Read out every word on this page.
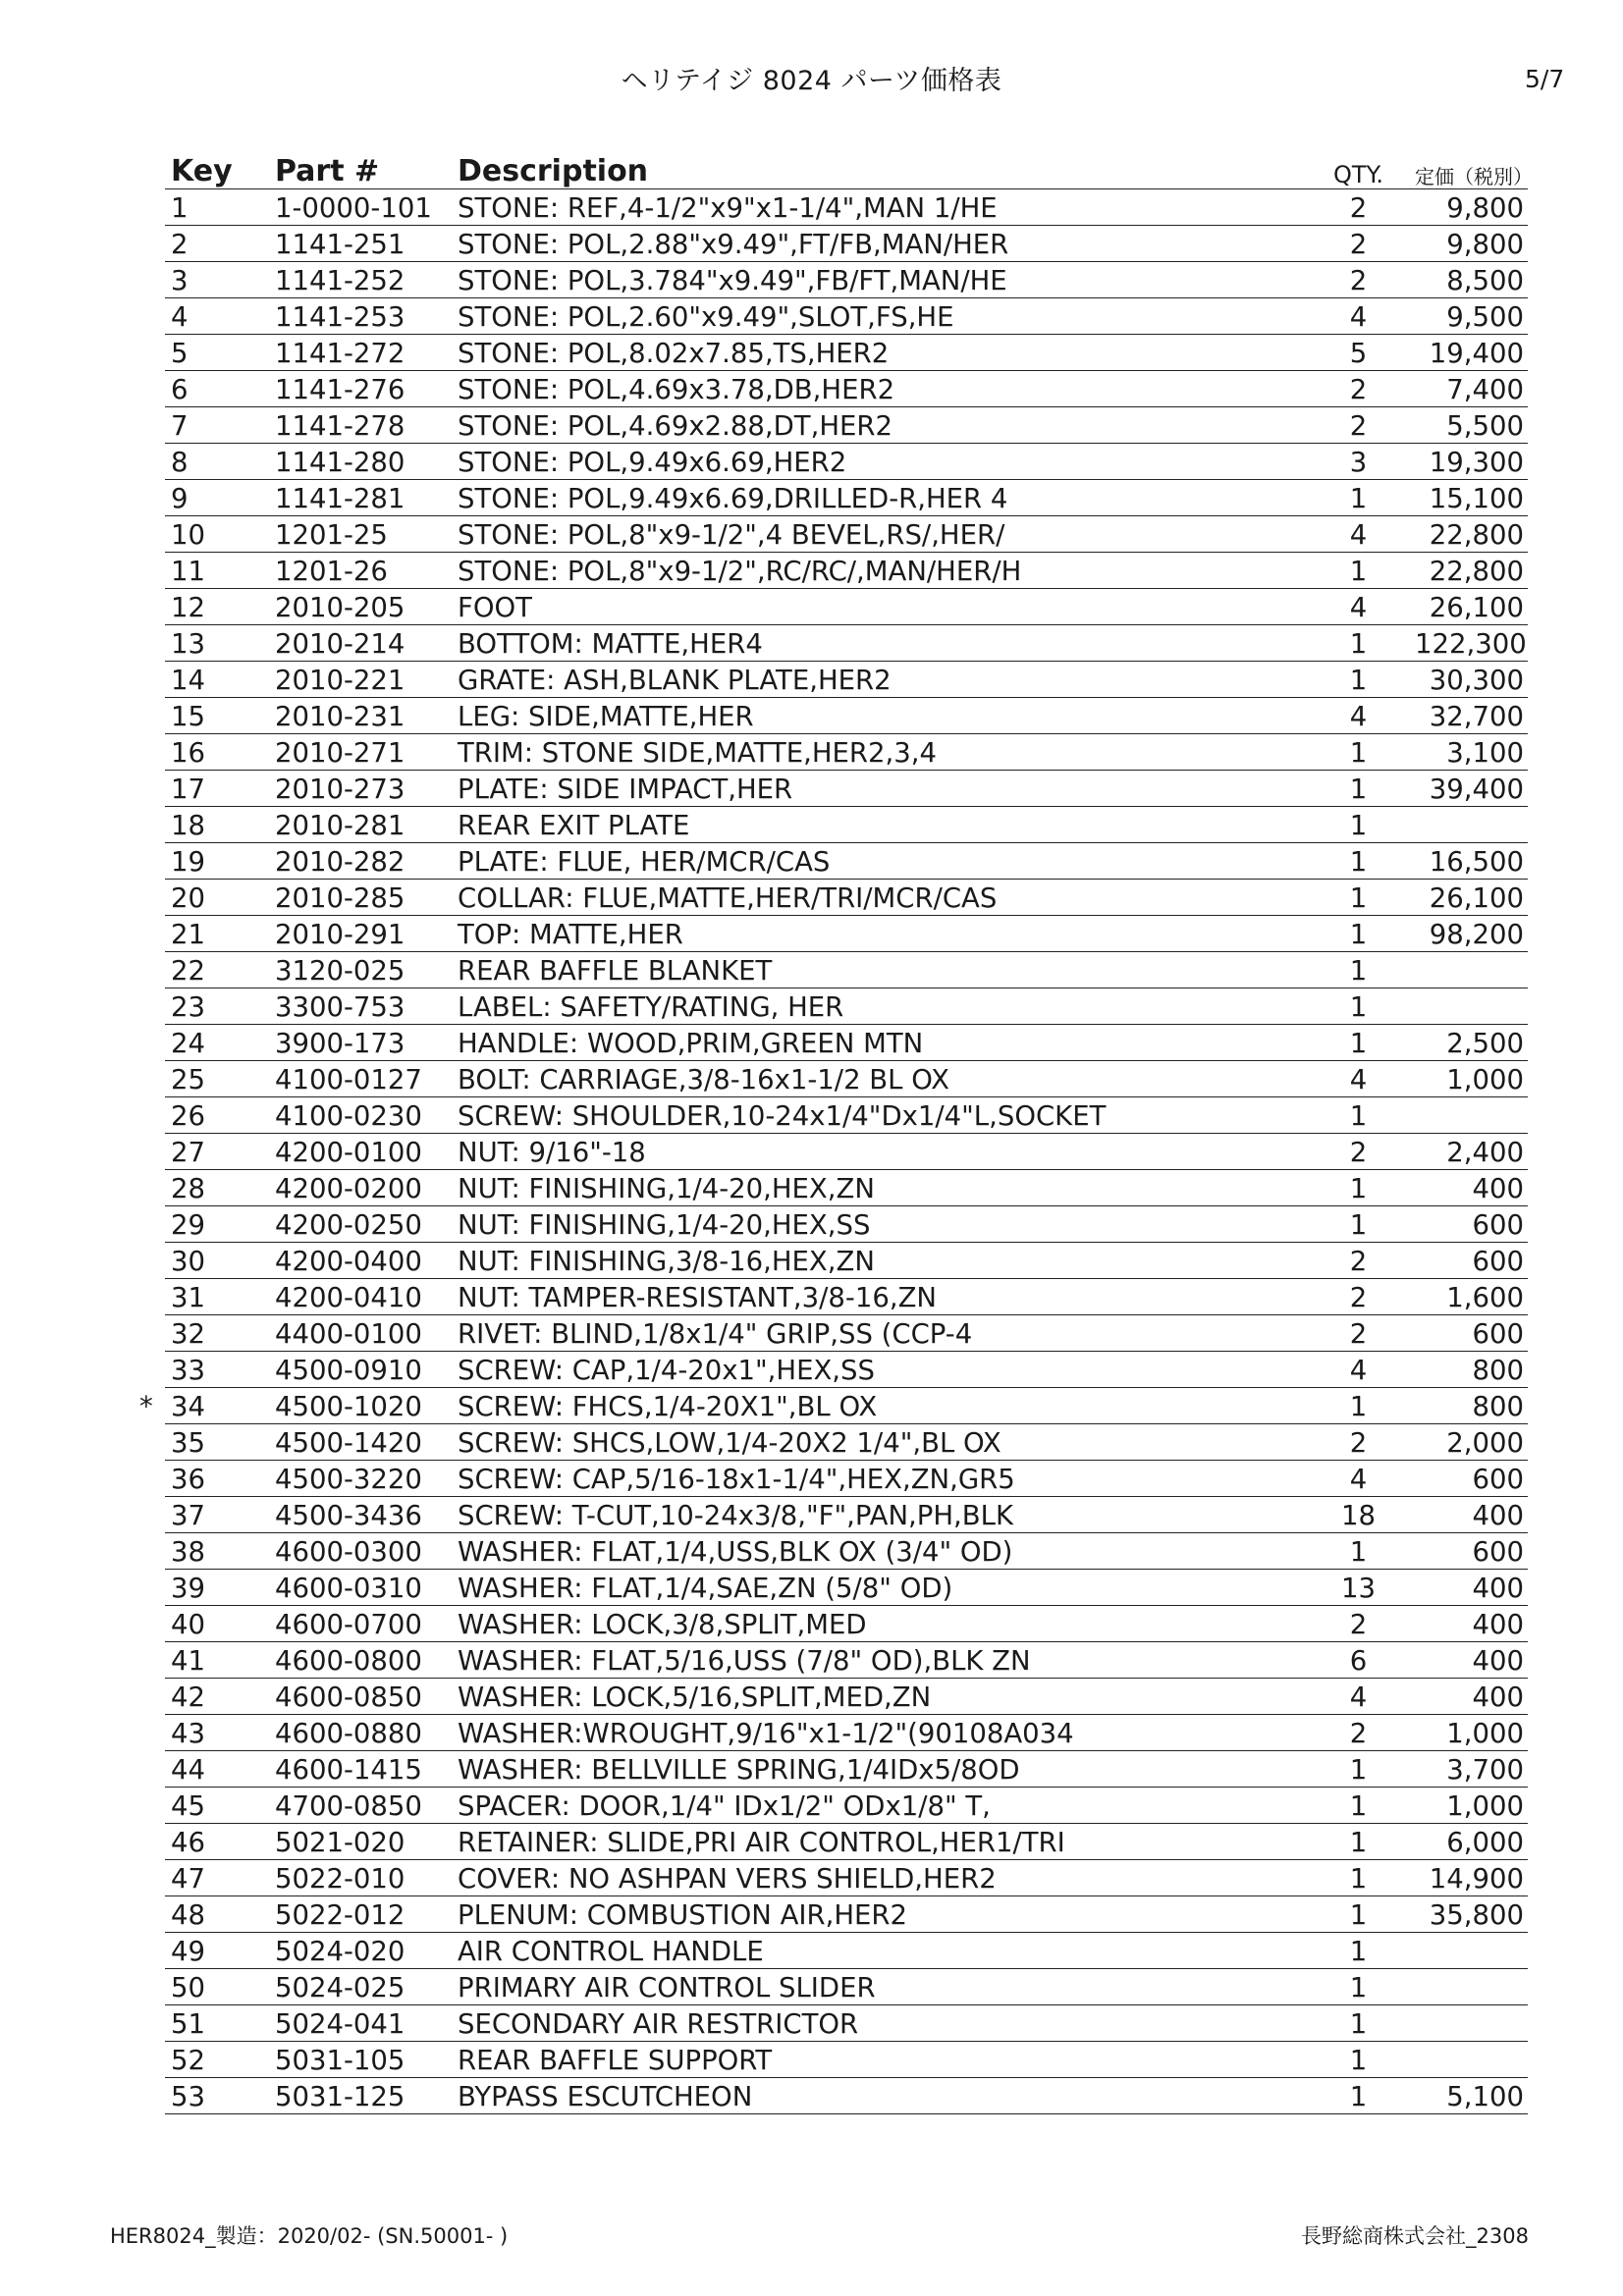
ヘリテイジ 8024 パーツ価格表	5/7
Key	Part #	Description	QTY.	定価（税別）

1	1-0000-101	STONE: REF,4-1/2"x9"x1-1/4",MAN 1/HE	2	9,800

2	1141-251	STONE: POL,2.88"x9.49",FT/FB,MAN/HER	2	9,800

3	1141-252	STONE: POL,3.784"x9.49",FB/FT,MAN/HE	2	8,500

4	1141-253	STONE: POL,2.60"x9.49",SLOT,FS,HE	4	9,500

5	1141-272	STONE: POL,8.02x7.85,TS,HER2	5	19,400

6	1141-276	STONE: POL,4.69x3.78,DB,HER2	2	7,400

7	1141-278	STONE: POL,4.69x2.88,DT,HER2	2	5,500

8	1141-280	STONE: POL,9.49x6.69,HER2	3	19,300

9	1141-281	STONE: POL,9.49x6.69,DRILLED-R,HER 4	1	15,100

10	1201-25	STONE: POL,8"x9-1/2",4 BEVEL,RS/,HER/	4	22,800

11	1201-26	STONE: POL,8"x9-1/2",RC/RC/,MAN/HER/H	1	22,800

12	2010-205	FOOT	4	26,100

13	2010-214	BOTTOM: MATTE,HER4	1	122,300

14	2010-221	GRATE: ASH,BLANK PLATE,HER2	1	30,300

15	2010-231	LEG: SIDE,MATTE,HER	4	32,700

16	2010-271	TRIM: STONE SIDE,MATTE,HER2,3,4	1	3,100

17	2010-273	PLATE: SIDE IMPACT,HER	1	39,400

18	2010-281	REAR EXIT PLATE	1	

19	2010-282	PLATE: FLUE, HER/MCR/CAS	1	16,500

20	2010-285	COLLAR: FLUE,MATTE,HER/TRI/MCR/CAS	1	26,100

21	2010-291	TOP: MATTE,HER	1	98,200

22	3120-025	REAR BAFFLE BLANKET	1	

23	3300-753	LABEL: SAFETY/RATING, HER	1	

24	3900-173	HANDLE: WOOD,PRIM,GREEN MTN	1	2,500

25	4100-0127	BOLT: CARRIAGE,3/8-16x1-1/2 BL OX	4	1,000

26	4100-0230	SCREW: SHOULDER,10-24x1/4"Dx1/4"L,SOCKET	1	

27	4200-0100	NUT: 9/16"-18	2	2,400

28	4200-0200	NUT: FINISHING,1/4-20,HEX,ZN	1	400

29	4200-0250	NUT: FINISHING,1/4-20,HEX,SS	1	600

30	4200-0400	NUT: FINISHING,3/8-16,HEX,ZN	2	600

31	4200-0410	NUT: TAMPER-RESISTANT,3/8-16,ZN	2	1,600

32	4400-0100	RIVET: BLIND,1/8x1/4" GRIP,SS (CCP-4	2	600

33	4500-0910	SCREW: CAP,1/4-20x1",HEX,SS	4	800

* 34	4500-1020	SCREW: FHCS,1/4-20X1",BL OX	1	800

35	4500-1420	SCREW: SHCS,LOW,1/4-20X2 1/4",BL OX	2	2,000

36	4500-3220	SCREW: CAP,5/16-18x1-1/4",HEX,ZN,GR5	4	600

37	4500-3436	SCREW: T-CUT,10-24x3/8,"F",PAN,PH,BLK	18	400

38	4600-0300	WASHER: FLAT,1/4,USS,BLK OX (3/4" OD)	1	600

39	4600-0310	WASHER: FLAT,1/4,SAE,ZN (5/8" OD)	13	400

40	4600-0700	WASHER: LOCK,3/8,SPLIT,MED	2	400

41	4600-0800	WASHER: FLAT,5/16,USS (7/8" OD),BLK ZN	6	400

42	4600-0850	WASHER: LOCK,5/16,SPLIT,MED,ZN	4	400

43	4600-0880	WASHER:WROUGHT,9/16"x1-1/2"(90108A034	2	1,000

44	4600-1415	WASHER: BELLVILLE SPRING,1/4IDx5/8OD	1	3,700

45	4700-0850	SPACER: DOOR,1/4" IDx1/2" ODx1/8" T,	1	1,000

46	5021-020	RETAINER: SLIDE,PRI AIR CONTROL,HER1/TRI	1	6,000

47	5022-010	COVER: NO ASHPAN VERS SHIELD,HER2	1	14,900

48	5022-012	PLENUM: COMBUSTION AIR,HER2	1	35,800

49	5024-020	AIR CONTROL HANDLE	1	

50	5024-025	PRIMARY AIR CONTROL SLIDER	1	

51	5024-041	SECONDARY AIR RESTRICTOR	1	

52	5031-105	REAR BAFFLE SUPPORT	1	

53	5031-125	BYPASS ESCUTCHEON	1	5,100
HER8024_製造：2020/02- (SN.50001- )	長野総商株式会社_2308
